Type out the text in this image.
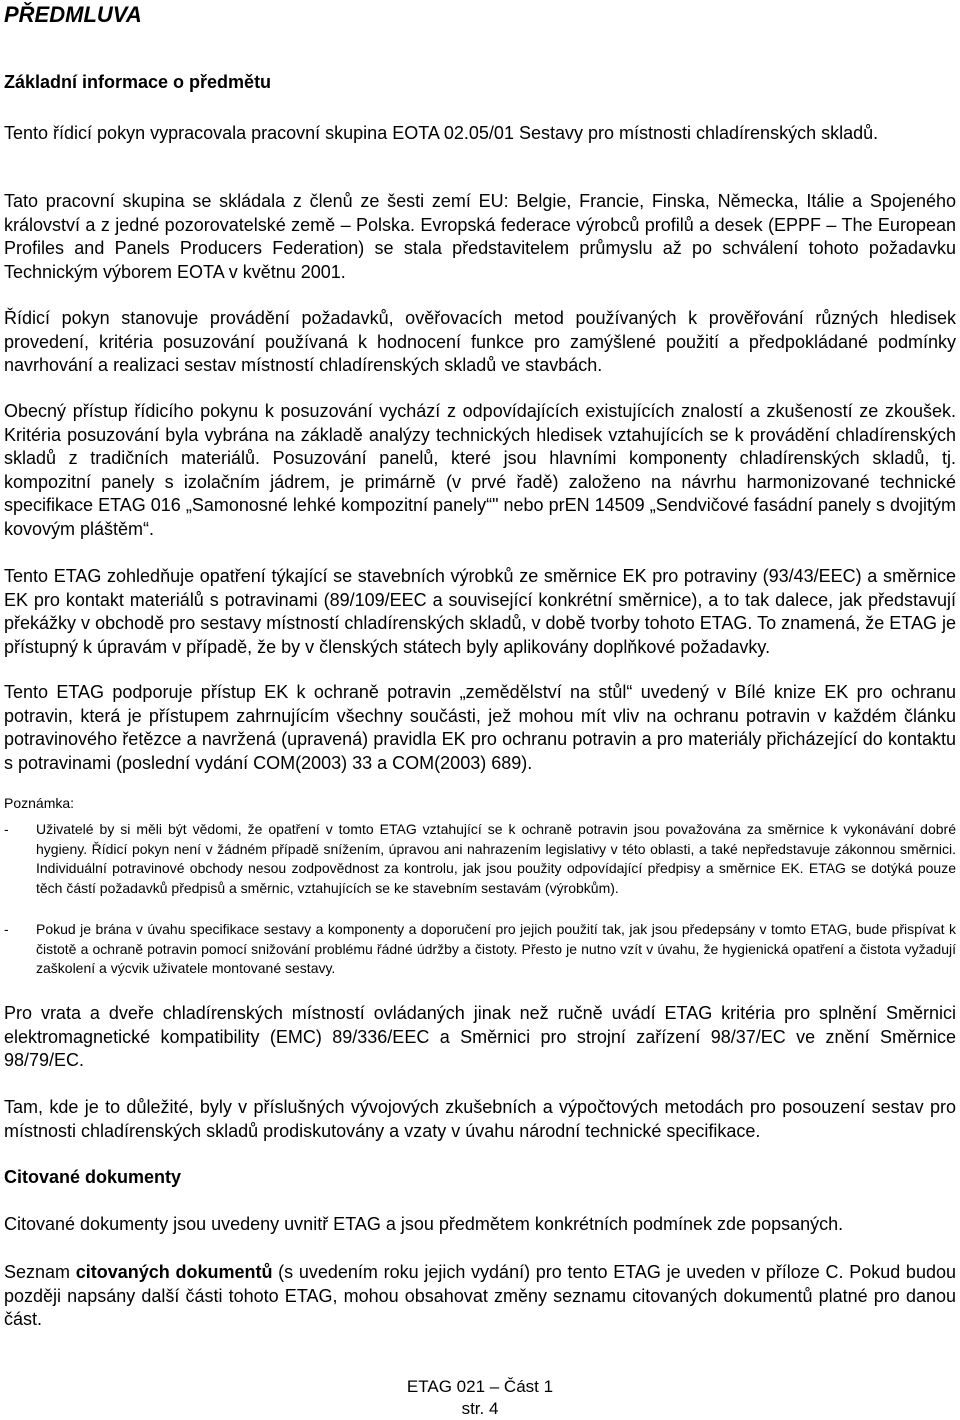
PŘEDMLUVA
Základní informace o předmětu

Tento řídicí pokyn vypracovala pracovní skupina EOTA 02.05/01 Sestavy pro místnosti chladírenských skladů.

Tato pracovní skupina se skládala z členů ze šesti zemí EU: Belgie, Francie, Finska, Německa, Itálie a Spojeného království a z jedné pozorovatelské země – Polska. Evropská federace výrobců profilů a desek (EPPF – The European Profiles and Panels Producers Federation) se stala představitelem průmyslu až po schválení tohoto požadavku Technickým výborem EOTA v květnu 2001.

Řídicí pokyn stanovuje provádění požadavků, ověřovacích metod používaných k prověřování různých hledisek provedení, kritéria posuzování používaná k hodnocení funkce pro zamýšlené použití a předpokládané podmínky navrhování a realizaci sestav místností chladírenských skladů ve stavbách.

Obecný přístup řídicího pokynu k posuzování vychází z odpovídajících existujících znalostí a zkušeností ze zkoušek. Kritéria posuzování byla vybrána na základě analýzy technických hledisek vztahujících se k provádění chladírenských skladů z tradičních materiálů. Posuzování panelů, které jsou hlavními komponenty chladírenských skladů, tj. kompozitní panely s izolačním jádrem, je primárně (v prvé řadě) založeno na návrhu harmonizované technické specifikace ETAG 016 „Samonosné lehké kompozitní panely“" nebo prEN 14509 „Sendvičové fasádní panely s dvojitým kovovým pláštěm“.

Tento ETAG zohledňuje opatření týkající se stavebních výrobků ze směrnice EK pro potraviny (93/43/EEC) a směrnice EK pro kontakt materiálů s potravinami (89/109/EEC a související konkrétní směrnice), a to tak dalece, jak představují překážky v obchodě pro sestavy místností chladírenských skladů, v době tvorby tohoto ETAG. To znamená, že ETAG je přístupný k úpravám v případě, že by v členských státech byly aplikovány doplňkové požadavky.

Tento ETAG podporuje přístup EK k ochraně potravin „zemědělství na stůl“ uvedený v Bílé knize EK pro ochranu potravin, která je přístupem zahrnujícím všechny součásti, jež mohou mít vliv na ochranu potravin v každém článku potravinového řetězce a navržená (upravená) pravidla EK pro ochranu potravin a pro materiály přicházející do kontaktu s potravinami (poslední vydání COM(2003) 33 a COM(2003) 689).

Poznámka:

- Uživatelé by si měli být vědomi, že opatření v tomto ETAG vztahující se k ochraně potravin jsou považována za směrnice k vykonávání dobré hygieny. Řídicí pokyn není v žádném případě snížením, úpravou ani nahrazením legislativy v této oblasti, a také nepředstavuje zákonnou směrnici. Individuální potravinové obchody nesou zodpovědnost za kontrolu, jak jsou použity odpovídající předpisy a směrnice EK. ETAG se dotýká pouze těch částí požadavků předpisů a směrnic, vztahujících se ke stavebním sestavám (výrobkům).
- Pokud je brána v úvahu specifikace sestavy a komponenty a doporučení pro jejich použití tak, jak jsou předepsány v tomto ETAG, bude přispívat k čistotě a ochraně potravin pomocí snižování problému řádné údržby a čistoty. Přesto je nutno vzít v úvahu, že hygienická opatření a čistota vyžadují zaškolení a výcvik uživatele montované sestavy.

Pro vrata a dveře chladírenských místností ovládaných jinak než ručně uvádí ETAG kritéria pro splnění Směrnici elektromagnetické kompatibility (EMC) 89/336/EEC a Směrnici pro strojní zařízení 98/37/EC ve znění Směrnice 98/79/EC.

Tam, kde je to důležité, byly v příslušných vývojových zkušebních a výpočtových metodách pro posouzení sestav pro místnosti chladírenských skladů prodiskutovány a vzaty v úvahu národní technické specifikace.

Citované dokumenty

Citované dokumenty jsou uvedeny uvnitř ETAG a jsou předmětem konkrétních podmínek zde popsaných.

Seznam citovaných dokumentů (s uvedením roku jejich vydání) pro tento ETAG je uveden v příloze C. Pokud budou později napsány další části tohoto ETAG, mohou obsahovat změny seznamu citovaných dokumentů platné pro danou část.

ETAG 021 – Část 1
str. 4
